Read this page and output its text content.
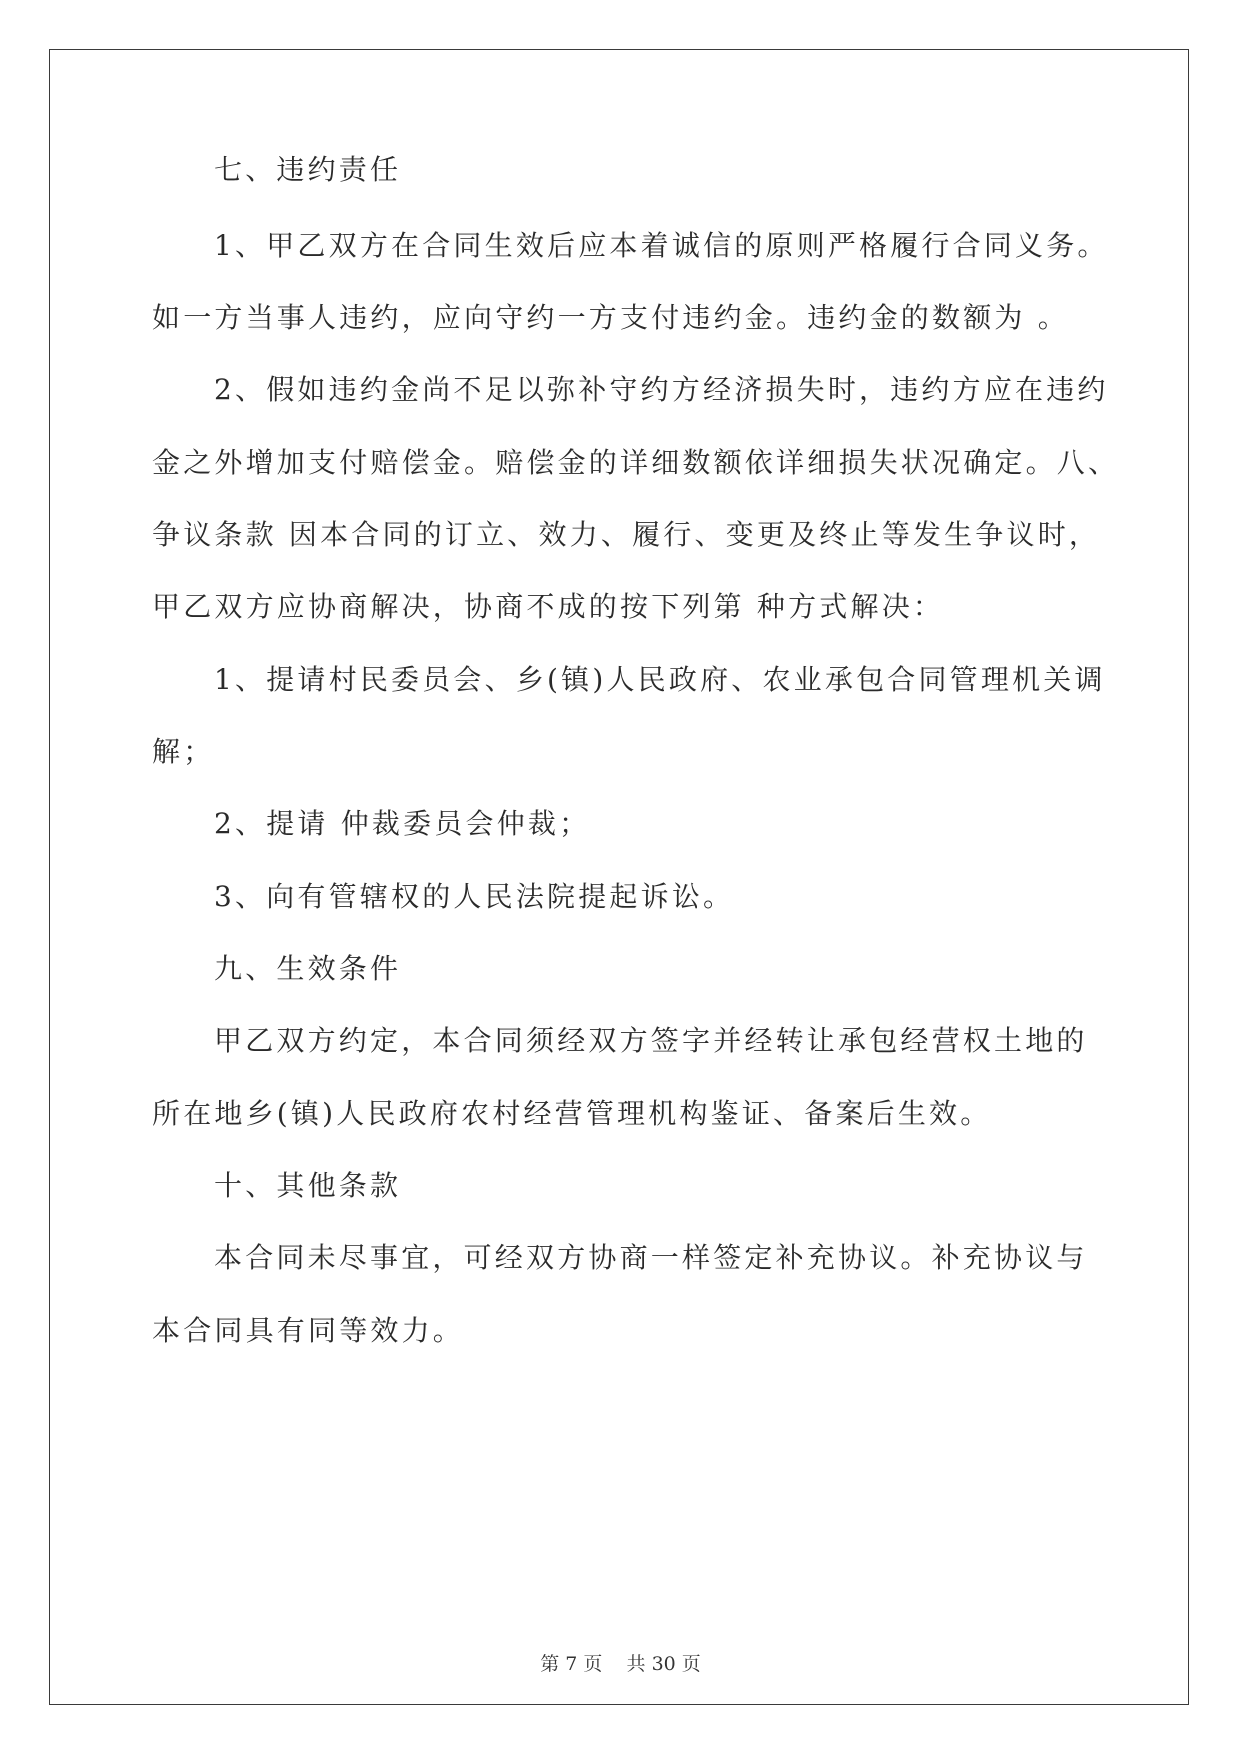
七、违约责任
1、甲乙双方在合同生效后应本着诚信的原则严格履行合同义务。
如一方当事人违约，应向守约一方支付违约金。违约金的数额为 。
2、假如违约金尚不足以弥补守约方经济损失时，违约方应在违约
金之外增加支付赔偿金。赔偿金的详细数额依详细损失状况确定。八、
争议条款 因本合同的订立、效力、履行、变更及终止等发生争议时，
甲乙双方应协商解决，协商不成的按下列第 种方式解决：
1、提请村民委员会、乡(镇)人民政府、农业承包合同管理机关调
解；
2、提请 仲裁委员会仲裁；
3、向有管辖权的人民法院提起诉讼。
九、生效条件
甲乙双方约定，本合同须经双方签字并经转让承包经营权土地的
所在地乡(镇)人民政府农村经营管理机构鉴证、备案后生效。
十、其他条款
本合同未尽事宜，可经双方协商一样签定补充协议。补充协议与
本合同具有同等效力。
第 7 页    共 30 页
